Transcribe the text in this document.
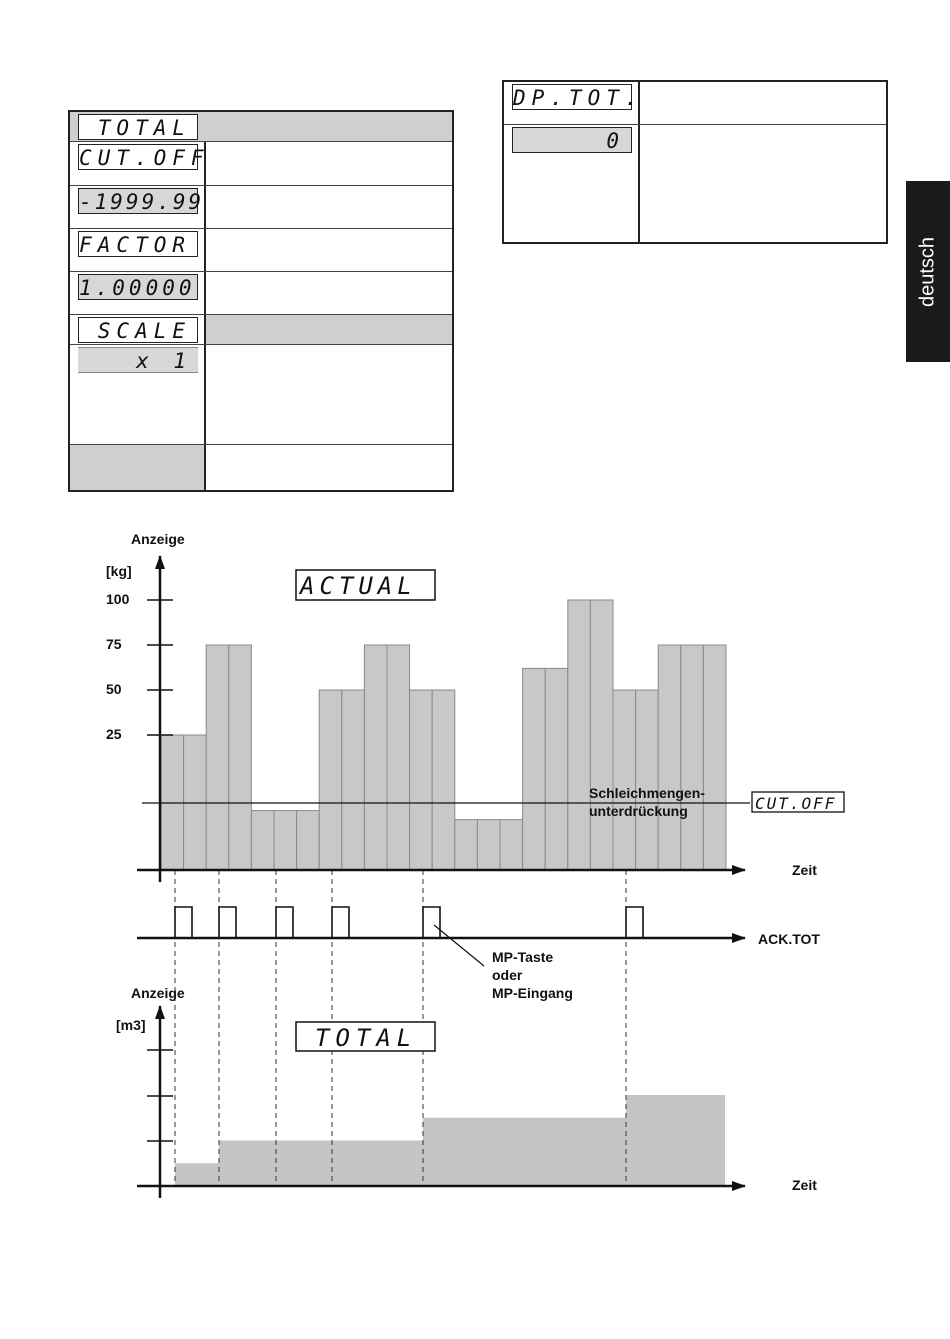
TOTAL
CUT.OFF
-1999.99
FACTOR
1.00000
SCALE
x 1
DP.TOT.
0
deutsch
Anzeige
[kg]
100
75
50
25
ACTUAL
Schleichmengen-
unterdrückung	CUT.OFF
Zeit
ACK.TOT
MP-Taste
oder
MP-Eingang
Anzeige
[m3]	TOTAL
Zeit
